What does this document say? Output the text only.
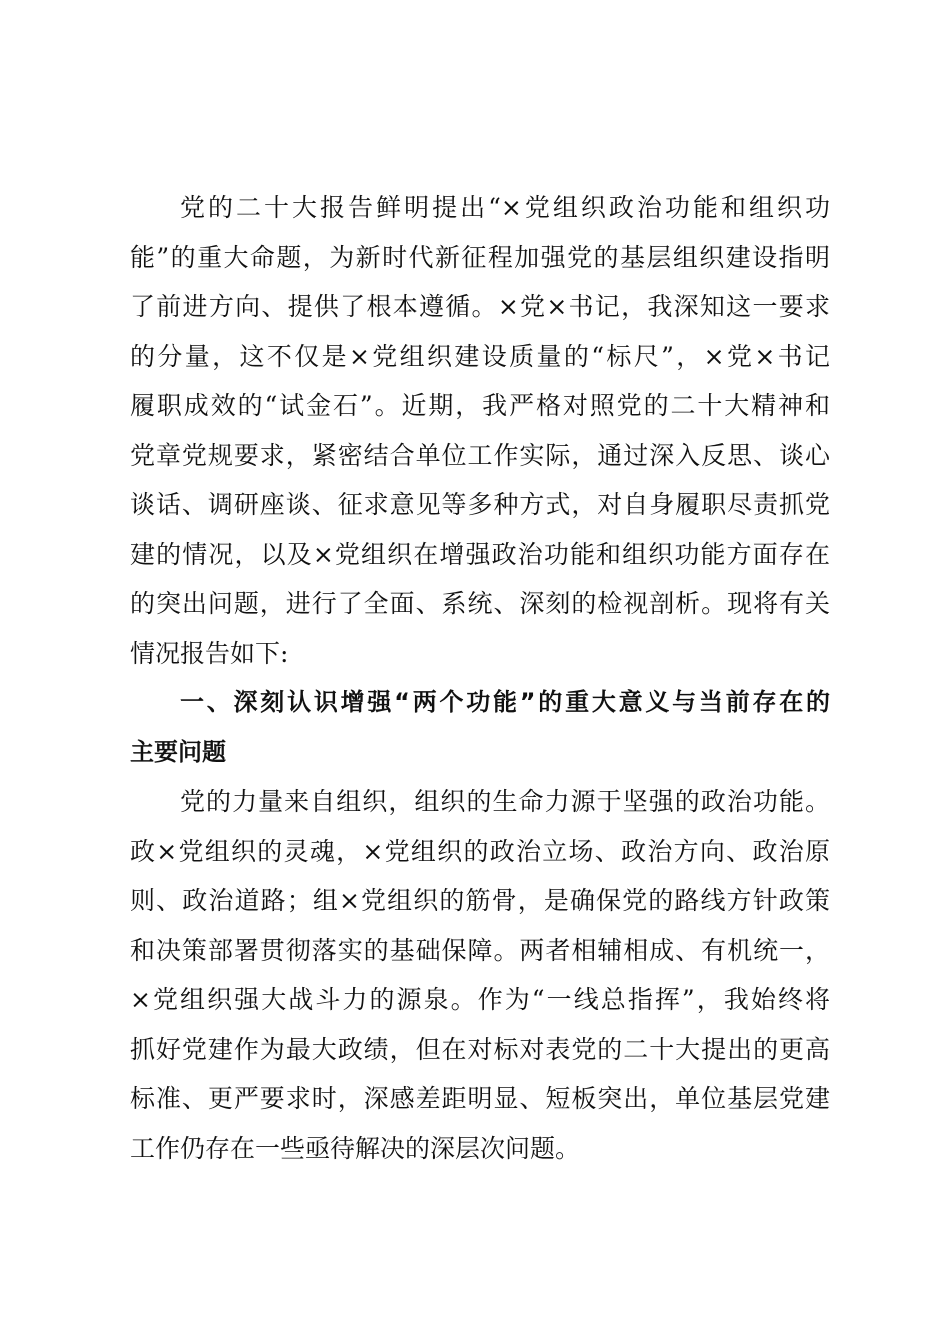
党的二十大报告鲜明提出“×党组织政治功能和组织功
能”的重大命题，为新时代新征程加强党的基层组织建设指明
了前进方向、提供了根本遵循。×党×书记，我深知这一要求
的分量，这不仅是×党组织建设质量的“标尺”，×党×书记
履职成效的“试金石”。近期，我严格对照党的二十大精神和
党章党规要求，紧密结合单位工作实际，通过深入反思、谈心
谈话、调研座谈、征求意见等多种方式，对自身履职尽责抓党
建的情况，以及×党组织在增强政治功能和组织功能方面存在
的突出问题，进行了全面、系统、深刻的检视剖析。现将有关
情况报告如下:
一、深刻认识增强“两个功能”的重大意义与当前存在的
主要问题
党的力量来自组织，组织的生命力源于坚强的政治功能。
政×党组织的灵魂，×党组织的政治立场、政治方向、政治原
则、政治道路；组×党组织的筋骨，是确保党的路线方针政策
和决策部署贯彻落实的基础保障。两者相辅相成、有机统一，
×党组织强大战斗力的源泉。作为“一线总指挥”，我始终将
抓好党建作为最大政绩，但在对标对表党的二十大提出的更高
标准、更严要求时，深感差距明显、短板突出，单位基层党建
工作仍存在一些亟待解决的深层次问题。
